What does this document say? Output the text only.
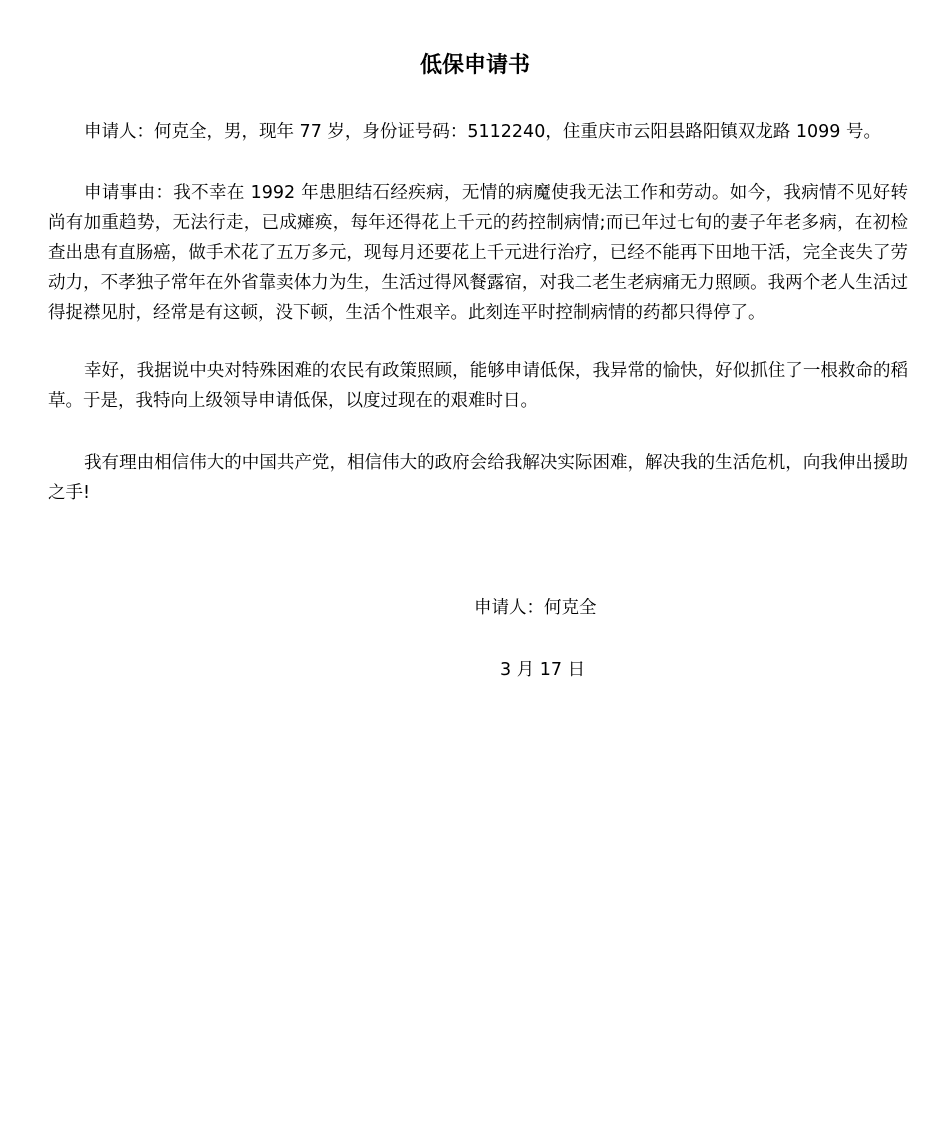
低保申请书

申请人：何克全，男，现年 77 岁，身份证号码：5112240，住重庆市云阳县路阳镇双龙路 1099 号。

申请事由：我不幸在 1992 年患胆结石经疾病，无情的病魔使我无法工作和劳动。如今，我病情不见好转尚有加重趋势，无法行走，已成瘫痪，每年还得花上千元的药控制病情;而已年过七旬的妻子年老多病，在初检查出患有直肠癌，做手术花了五万多元，现每月还要花上千元进行治疗，已经不能再下田地干活，完全丧失了劳动力，不孝独子常年在外省靠卖体力为生，生活过得风餐露宿，对我二老生老病痛无力照顾。我两个老人生活过得捉襟见肘，经常是有这顿，没下顿，生活个性艰辛。此刻连平时控制病情的药都只得停了。

幸好，我据说中央对特殊困难的农民有政策照顾，能够申请低保，我异常的愉快，好似抓住了一根救命的稻草。于是，我特向上级领导申请低保，以度过现在的艰难时日。

我有理由相信伟大的中国共产党，相信伟大的政府会给我解决实际困难，解决我的生活危机，向我伸出援助之手!

申请人：何克全
3 月 17 日
